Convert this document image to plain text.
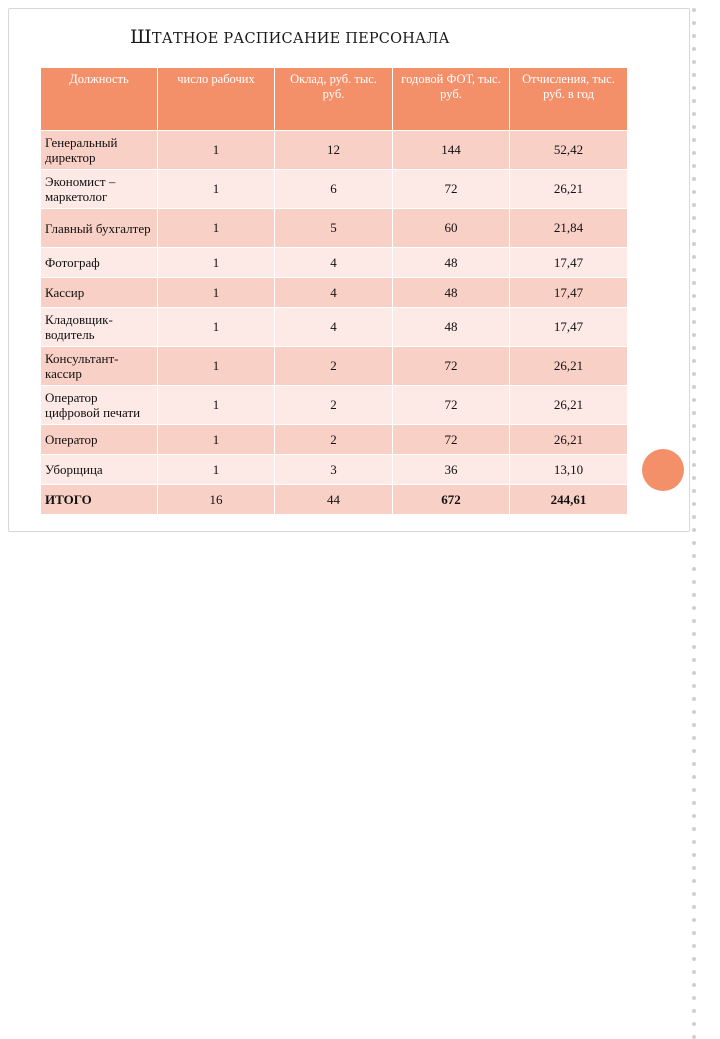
ШТАТНОЕ РАСПИСАНИЕ ПЕРСОНАЛА
Должность	число рабочих	Оклад, руб. тыс. руб.	годовой ФОТ, тыс. руб.	Отчисления, тыс. руб. в год
Генеральный директор	1	12	144	52,42
Экономист – маркетолог	1	6	72	26,21
Главный бухгалтер	1	5	60	21,84
Фотограф	1	4	48	17,47
Кассир	1	4	48	17,47
Кладовщик-водитель	1	4	48	17,47
Консультант-кассир	1	2	72	26,21
Оператор цифровой печати	1	2	72	26,21
Оператор	1	2	72	26,21
Уборщица	1	3	36	13,10
ИТОГО	16	44	672	244,61
